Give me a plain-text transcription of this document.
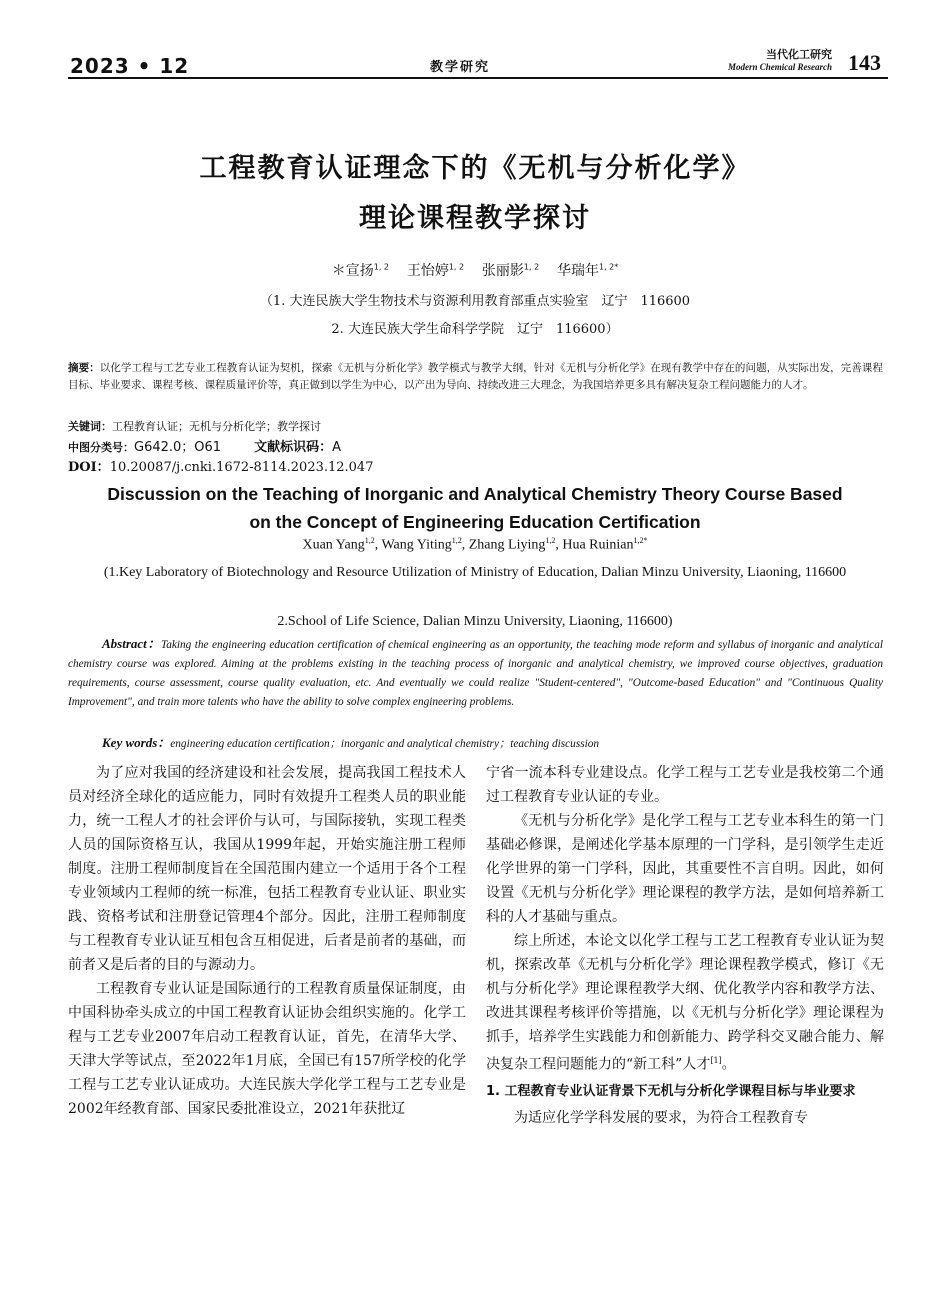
2023 • 12	教学研究
当代化工研究
Modern Chemical Research 143
工程教育认证理念下的《无机与分析化学》
理论课程教学探讨
＊宣扬$^{1, 2}$ 王怡婷$^{1, 2}$ 张丽影$^{1, 2}$ 华瑞年$^{1, 2*}$
（1. 大连民族大学生物技术与资源利用教育部重点实验室　辽宁　116600
2. 大连民族大学生命科学学院　辽宁　116600）
摘要：以化学工程与工艺专业工程教育认证为契机，探索《无机与分析化学》教学模式与教学大纲，针对《无机与分析化学》在现有教学中存在的问题，从实际出发，完善课程目标、毕业要求、课程考核、课程质量评价等，真正做到以学生为中心，以产出为导向、持续改进三大理念，为我国培养更多具有解决复杂工程问题能力的人才。
关键词：工程教育认证；无机与分析化学；教学探讨
中图分类号：G642.0；O61	文献标识码：A
DOI：10.20087/j.cnki.1672-8114.2023.12.047
Discussion on the Teaching of Inorganic and Analytical Chemistry Theory Course Based
on the Concept of Engineering Education Certification
Xuan Yang$^{1,2}$, Wang Yiting$^{1,2}$, Zhang Liying$^{1,2}$, Hua Ruinian$^{1,2*}$
(1.Key Laboratory of Biotechnology and Resource Utilization of Ministry of Education, Dalian Minzu University, Liaoning, 116600
2.School of Life Science, Dalian Minzu University, Liaoning, 116600)
Abstract：Taking the engineering education certification of chemical engineering as an opportunity, the teaching mode reform and syllabus of inorganic and analytical chemistry course was explored. Aiming at the problems existing in the teaching process of inorganic and analytical chemistry, we improved course objectives, graduation requirements, course assessment, course quality evaluation, etc. And eventually we could realize "Student-centered", "Outcome-based Education" and "Continuous Quality Improvement", and train more talents who have the ability to solve complex engineering problems.
Key words：engineering education certification；inorganic and analytical chemistry；teaching discussion

为了应对我国的经济建设和社会发展，提高我国工程技术人员对经济全球化的适应能力，同时有效提升工程类人员的职业能力，统一工程人才的社会评价与认可，与国际接轨，实现工程类人员的国际资格互认，我国从1999年起，开始实施注册工程师制度。注册工程师制度旨在全国范围内建立一个适用于各个工程专业领域内工程师的统一标准，包括工程教育专业认证、职业实践、资格考试和注册登记管理4个部分。因此，注册工程师制度与工程教育专业认证互相包含互相促进，后者是前者的基础，而前者又是后者的目的与源动力。

工程教育专业认证是国际通行的工程教育质量保证制度，由中国科协牵头成立的中国工程教育认证协会组织实施的。化学工程与工艺专业2007年启动工程教育认证，首先，在清华大学、天津大学等试点，至2022年1月底，全国已有157所学校的化学工程与工艺专业认证成功。大连民族大学化学工程与工艺专业是2002年经教育部、国家民委批准设立，2021年获批辽

宁省一流本科专业建设点。化学工程与工艺专业是我校第二个通过工程教育专业认证的专业。

《无机与分析化学》是化学工程与工艺专业本科生的第一门基础必修课，是阐述化学基本原理的一门学科，是引领学生走近化学世界的第一门学科，因此，其重要性不言自明。因此，如何设置《无机与分析化学》理论课程的教学方法，是如何培养新工科的人才基础与重点。

综上所述，本论文以化学工程与工艺工程教育专业认证为契机，探索改革《无机与分析化学》理论课程教学模式，修订《无机与分析化学》理论课程教学大纲、优化教学内容和教学方法、改进其课程考核评价等措施，以《无机与分析化学》理论课程为抓手，培养学生实践能力和创新能力、跨学科交叉融合能力、解决复杂工程问题能力的“新工科”人才[1]。

1. 工程教育专业认证背景下无机与分析化学课程目标与毕业要求

为适应化学学科发展的要求，为符合工程教育专
